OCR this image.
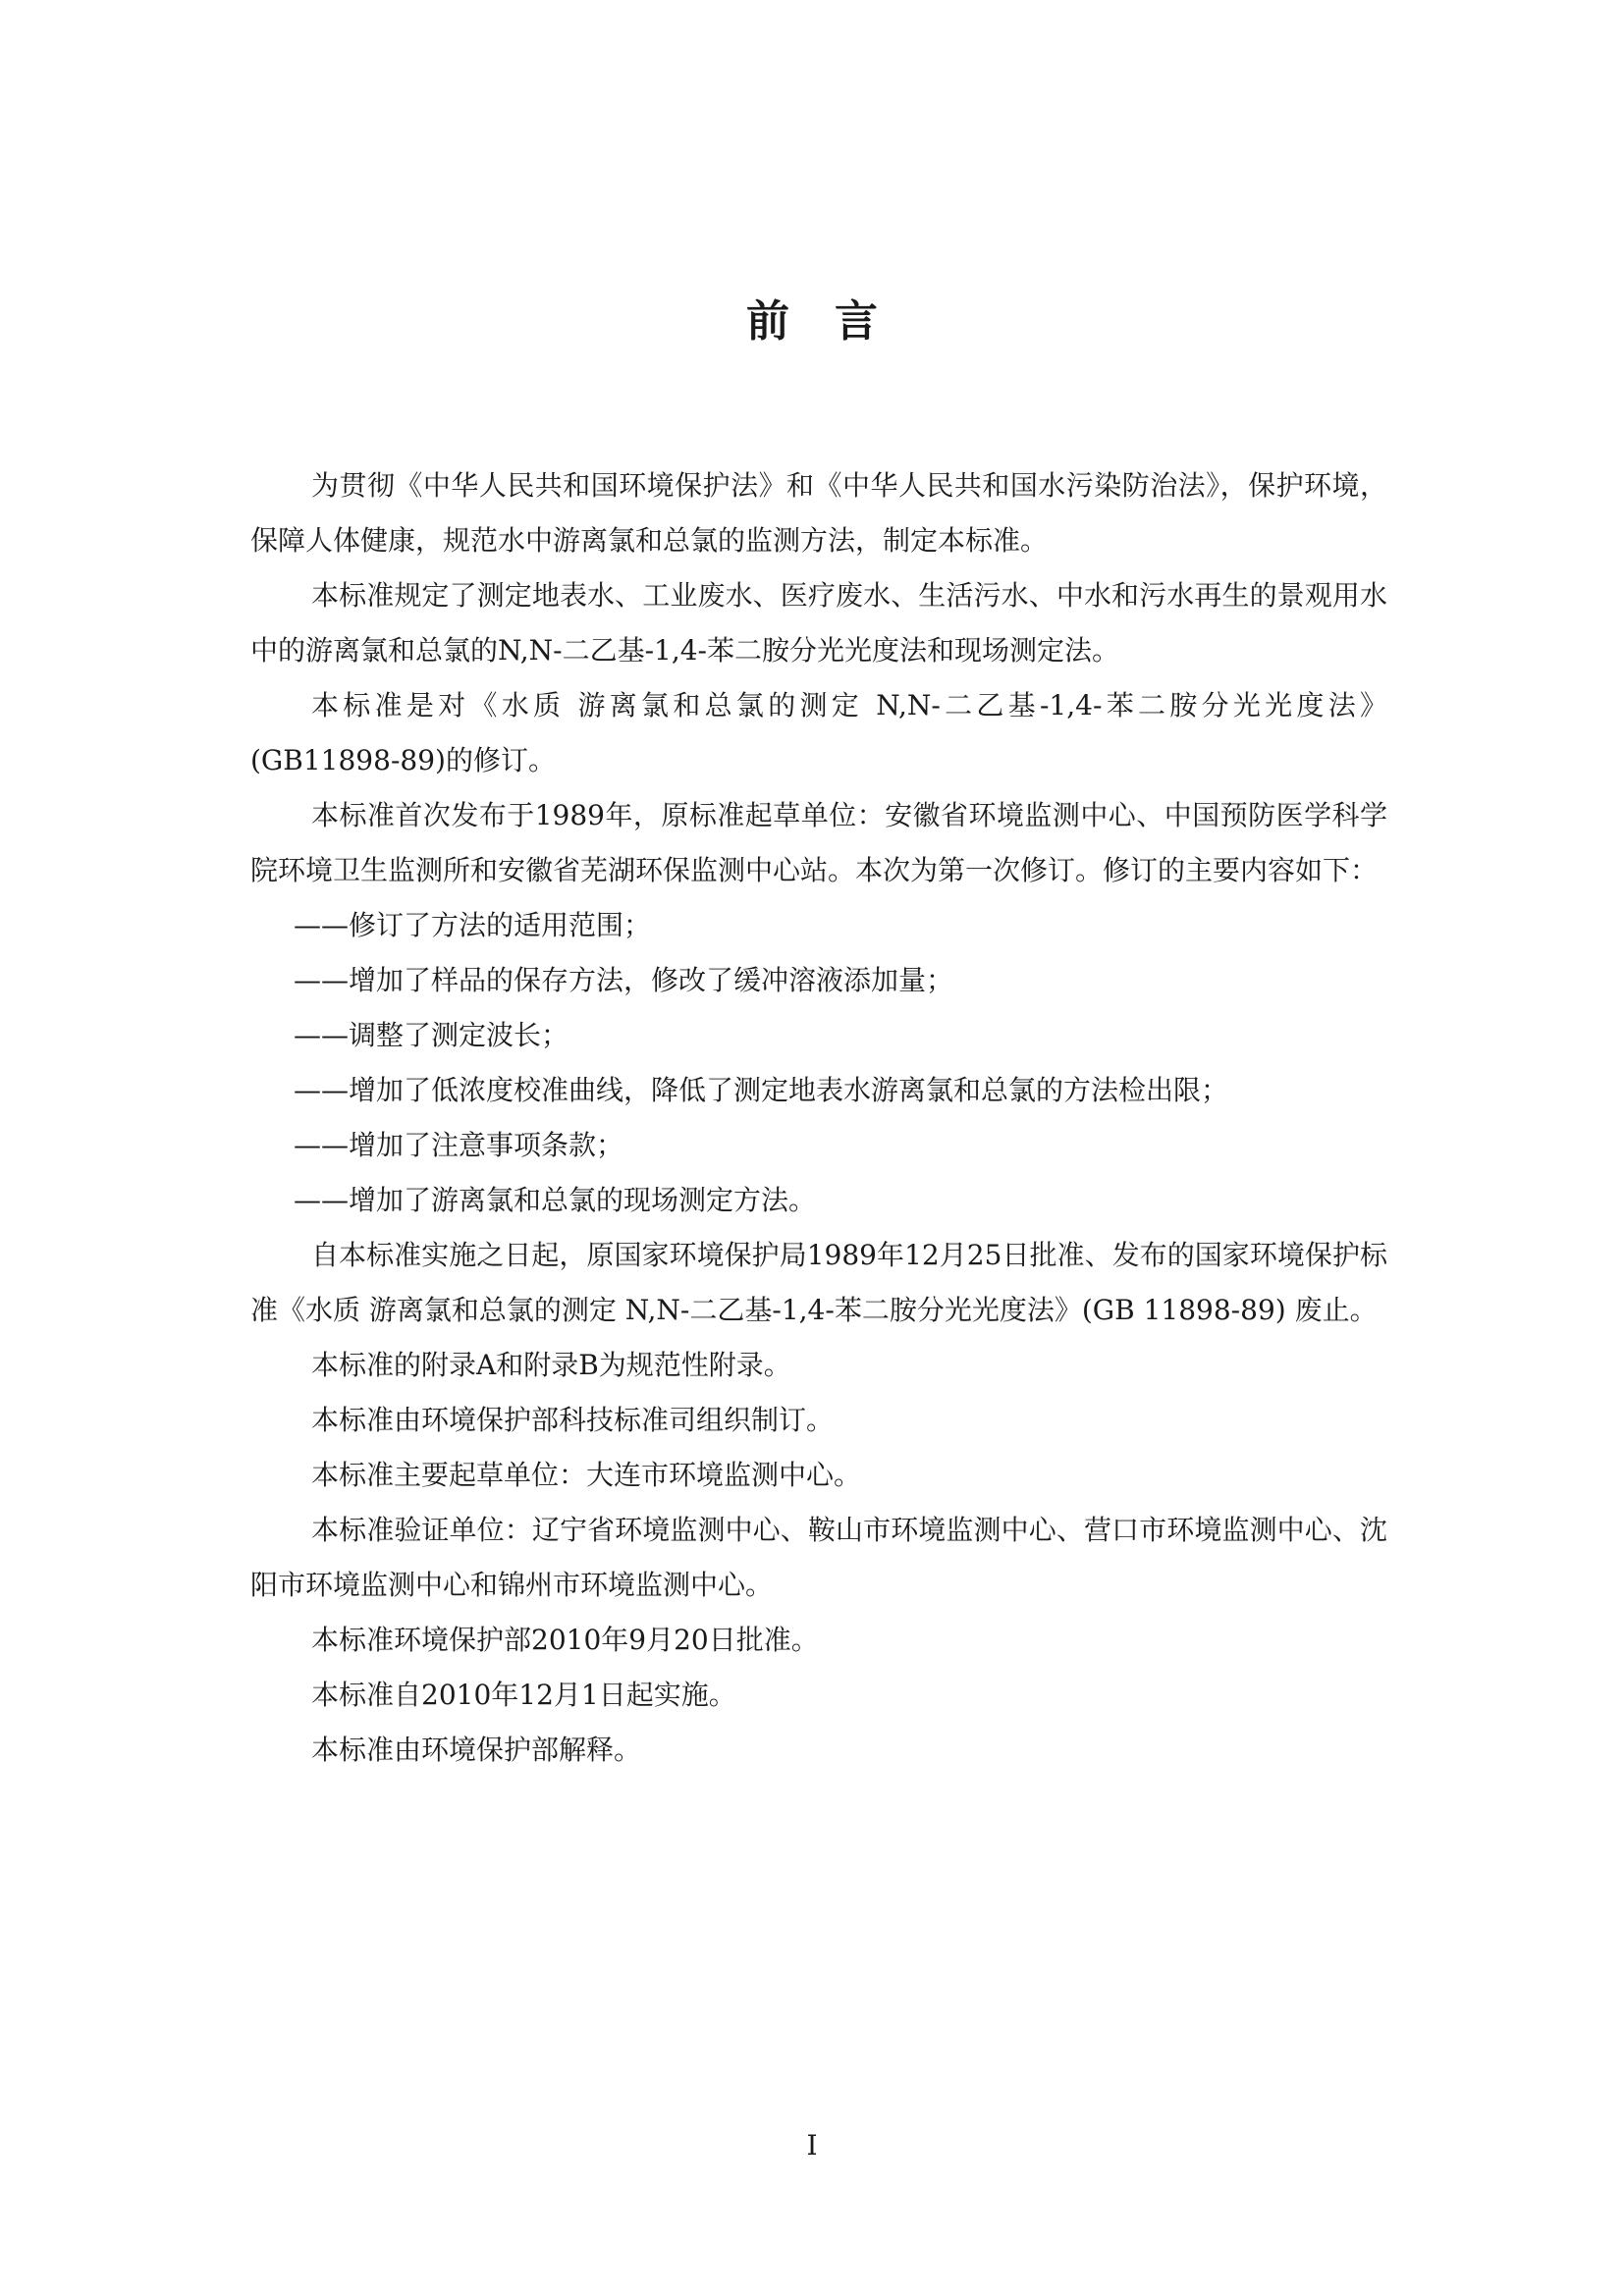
前言

为贯彻《中华人民共和国环境保护法》和《中华人民共和国水污染防治法》，保护环境，保障人体健康，规范水中游离氯和总氯的监测方法，制定本标准。

本标准规定了测定地表水、工业废水、医疗废水、生活污水、中水和污水再生的景观用水中的游离氯和总氯的N,N-二乙基-1,4-苯二胺分光光度法和现场测定法。

本标准是对《水质 游离氯和总氯的测定 N,N-二乙基-1,4-苯二胺分光光度法》(GB11898-89)的修订。

本标准首次发布于1989年，原标准起草单位：安徽省环境监测中心、中国预防医学科学院环境卫生监测所和安徽省芜湖环保监测中心站。本次为第一次修订。修订的主要内容如下：

——修订了方法的适用范围；

——增加了样品的保存方法，修改了缓冲溶液添加量；

——调整了测定波长；

——增加了低浓度校准曲线，降低了测定地表水游离氯和总氯的方法检出限；

——增加了注意事项条款；

——增加了游离氯和总氯的现场测定方法。

自本标准实施之日起，原国家环境保护局1989年12月25日批准、发布的国家环境保护标准《水质 游离氯和总氯的测定 N,N-二乙基-1,4-苯二胺分光光度法》(GB 11898-89) 废止。

本标准的附录A和附录B为规范性附录。

本标准由环境保护部科技标准司组织制订。

本标准主要起草单位：大连市环境监测中心。

本标准验证单位：辽宁省环境监测中心、鞍山市环境监测中心、营口市环境监测中心、沈阳市环境监测中心和锦州市环境监测中心。

本标准环境保护部2010年9月20日批准。

本标准自2010年12月1日起实施。

本标准由环境保护部解释。

I
